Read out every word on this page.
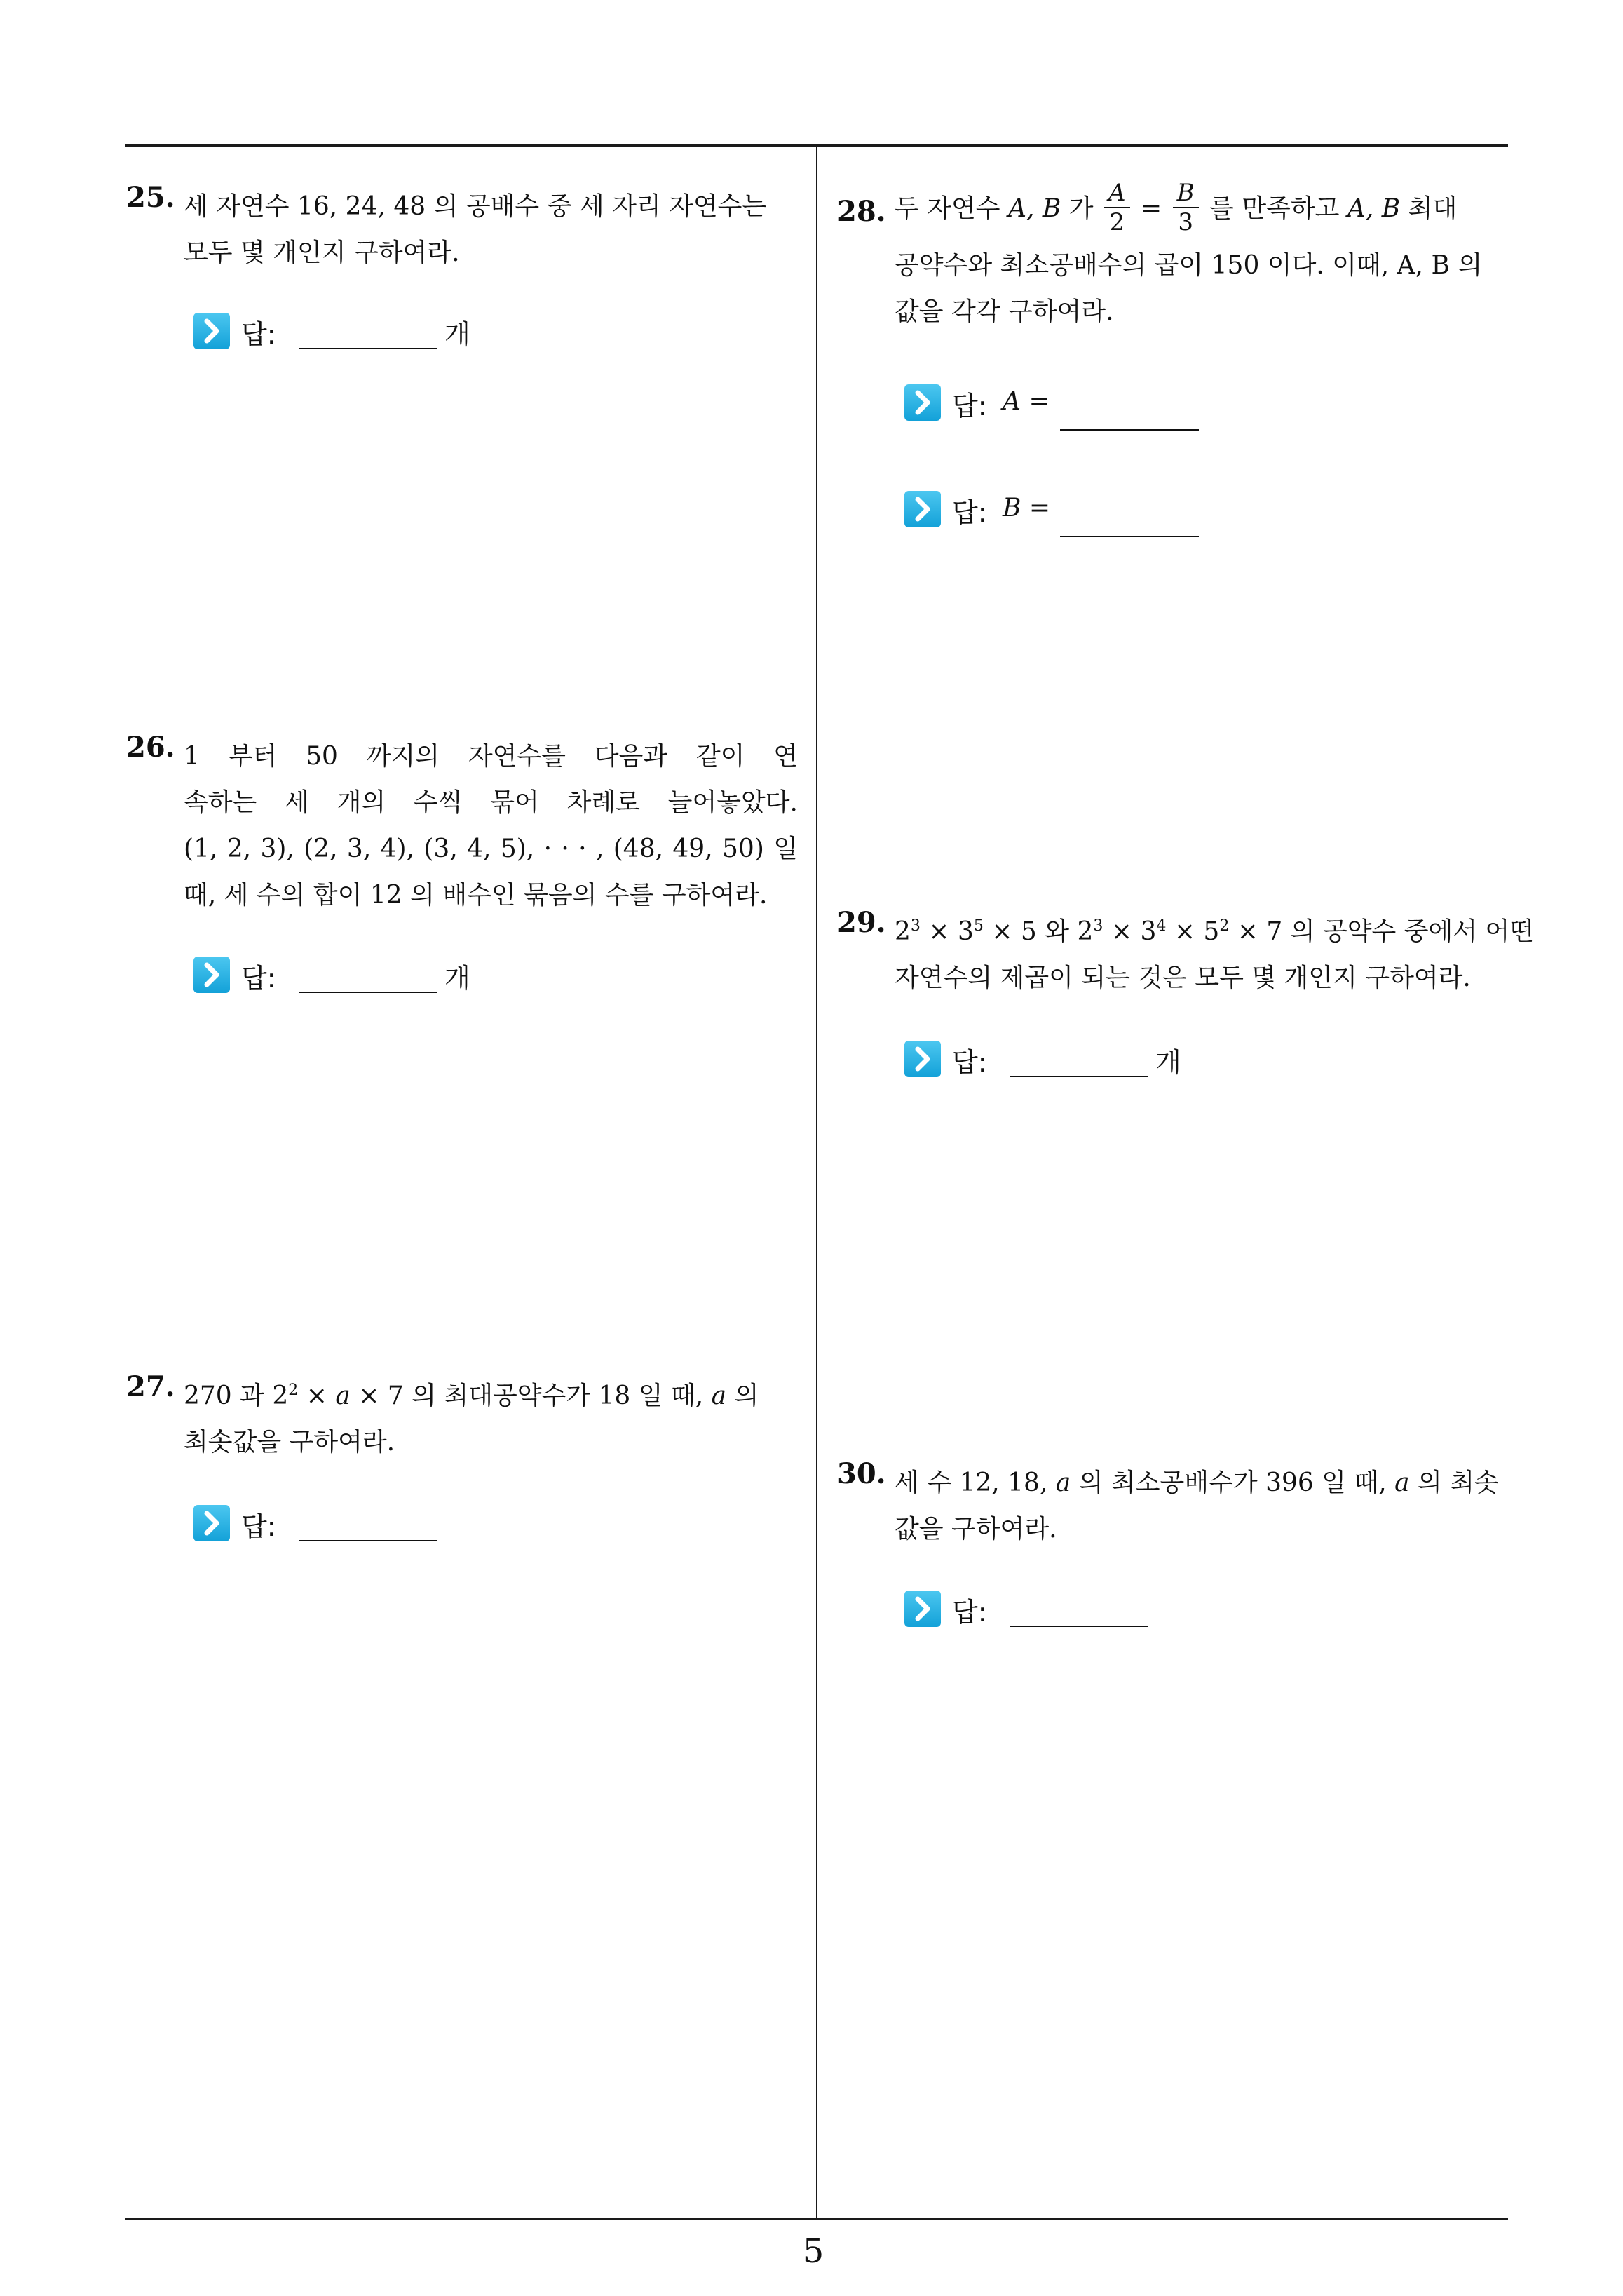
25. 세 자연수 16, 24, 48 의 공배수 중 세 자리 자연수는
모두 몇 개인지 구하여라.
답:	개
26. 1 부터 50 까지의 자연수를 다음과 같이 연
속하는 세 개의 수씩 묶어 차례로 늘어놓았다.
(1, 2, 3), (2, 3, 4), (3, 4, 5), · · · , (48, 49, 50) 일
때, 세 수의 합이 12 의 배수인 묶음의 수를 구하여라.
답:	개
27. 270 과 $2^2 \times a \times 7$ 의 최대공약수가 18 일 때, a 의
최솟값을 구하여라.
답:
28. 두 자연수 A, B 가 $\frac{A}{2} = \frac{B}{3}$ 를 만족하고 A, B 최대
공약수와 최소공배수의 곱이 150 이다. 이때, A, B 의
값을 각각 구하여라.
답: A =
답: B =
29. $2^3 \times 3^5 \times 5$ 와 $2^3 \times 3^4 \times 5^2 \times 7$ 의 공약수 중에서 어떤
자연수의 제곱이 되는 것은 모두 몇 개인지 구하여라.
답:	개
30. 세 수 12, 18, a 의 최소공배수가 396 일 때, a 의 최솟
값을 구하여라.
답:
5
